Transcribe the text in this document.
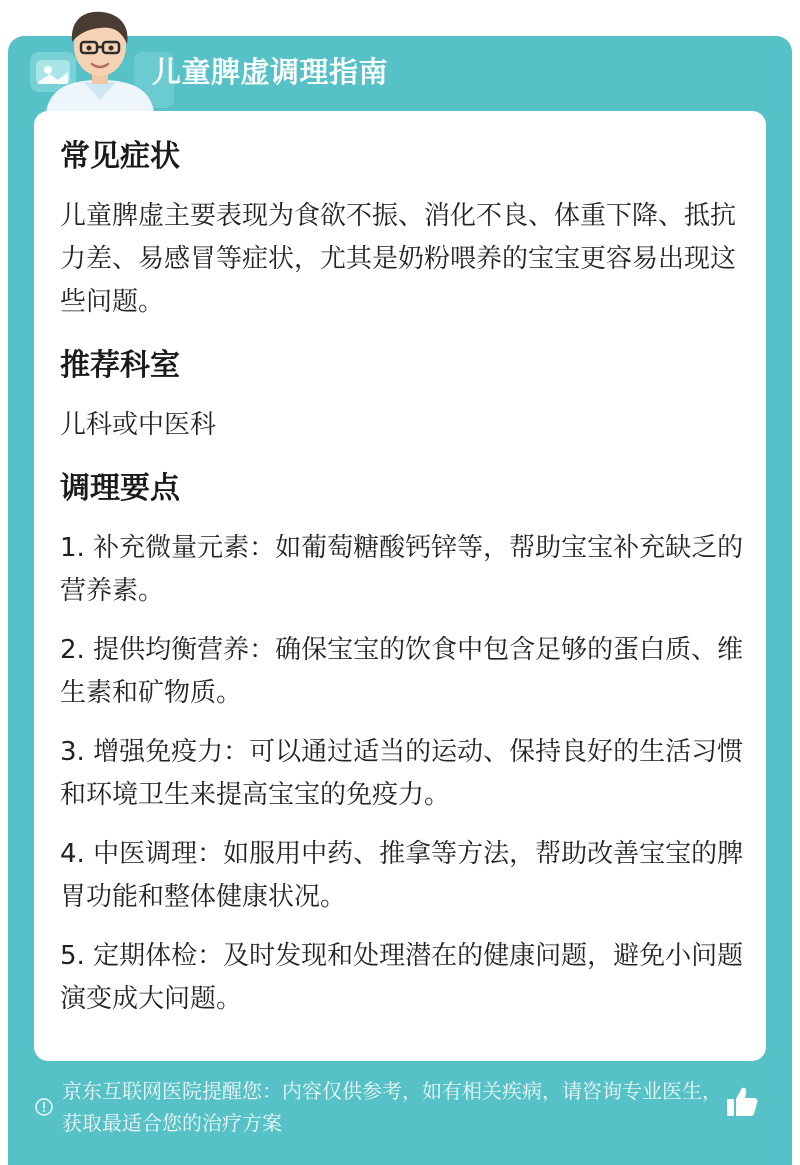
儿童脾虚调理指南
常见症状
儿童脾虚主要表现为食欲不振、消化不良、体重下降、抵抗力差、易感冒等症状，尤其是奶粉喂养的宝宝更容易出现这些问题。
推荐科室
儿科或中医科
调理要点
1. 补充微量元素：如葡萄糖酸钙锌等，帮助宝宝补充缺乏的营养素。
2. 提供均衡营养：确保宝宝的饮食中包含足够的蛋白质、维生素和矿物质。
3. 增强免疫力：可以通过适当的运动、保持良好的生活习惯和环境卫生来提高宝宝的免疫力。
4. 中医调理：如服用中药、推拿等方法，帮助改善宝宝的脾胃功能和整体健康状况。
5. 定期体检：及时发现和处理潜在的健康问题，避免小问题演变成大问题。
京东互联网医院提醒您：内容仅供参考，如有相关疾病，请咨询专业医生，获取最适合您的治疗方案
